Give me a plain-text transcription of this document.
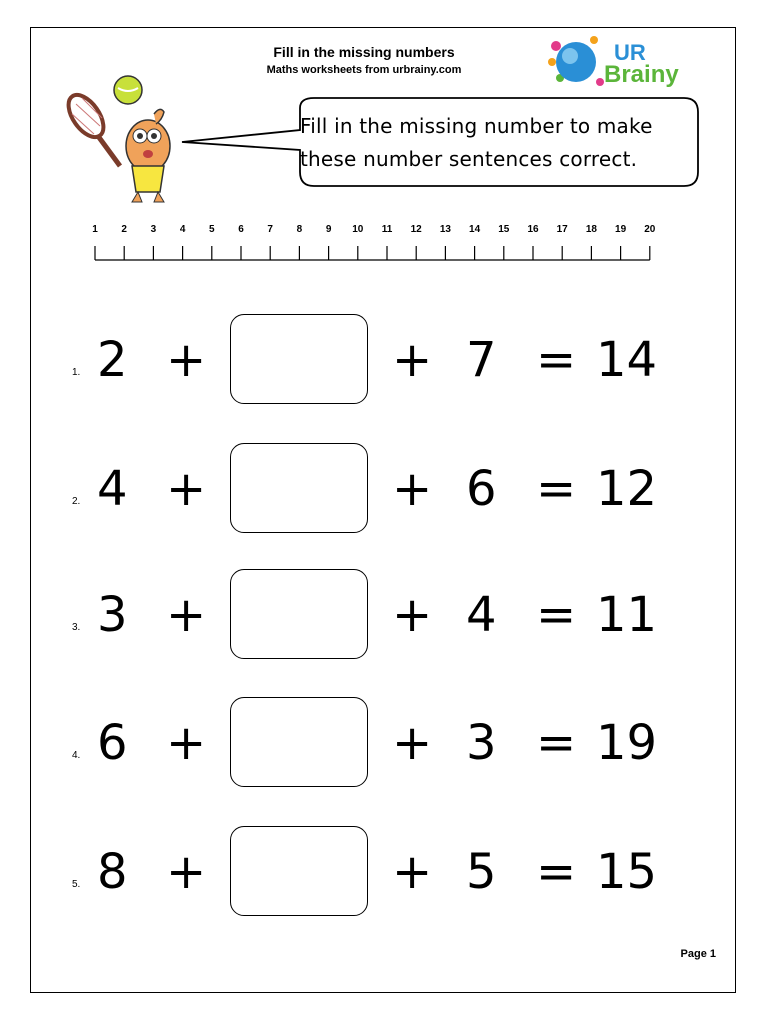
Fill in the missing numbers
Maths worksheets from urbrainy.com
UR
Brainy
Fill in the missing number to make
these number sentences correct.
1 2 3 4 5 6 7 8 9 10 11 12 13 14 15 16 17 18 19 20
1. 2 +	+ 7 = 14
2. 4 +	+ 6 = 12
3. 3 +	+ 4 = 11
4. 6 +	+ 3 = 19
5. 8 +	+ 5 = 15
Page 1
